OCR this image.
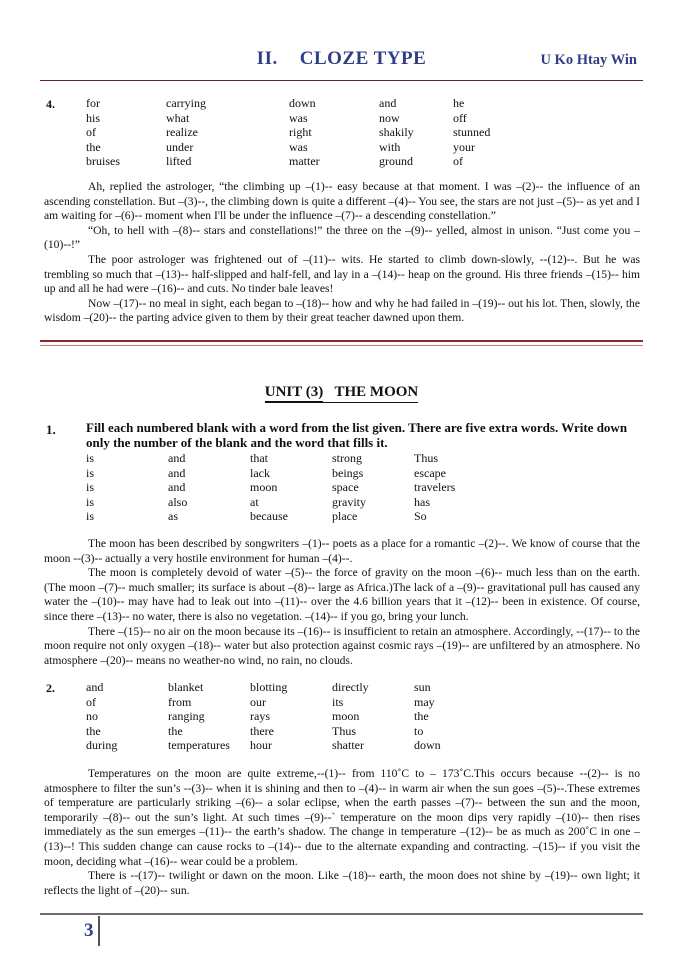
II. CLOZE TYPE	U Ko Htay Win
4.	for	carrying	down	and	he
his	what	was	now	off
of	realize	right	shakily	stunned
the	under	was	with	your
bruises	lifted	matter	ground	of

Ah, replied the astrologer, “the climbing up –(1)-- easy because at that moment. I was –(2)-- the influence of an ascending constellation. But –(3)--, the climbing down is quite a different –(4)-- You see, the stars are not just –(5)-- as yet and I am waiting for –(6)-- moment when I'll be under the influence –(7)-- a descending constellation.”

“Oh, to hell with –(8)-- stars and constellations!” the three on the –(9)-- yelled, almost in unison. “Just come you –(10)--!”

The poor astrologer was frightened out of –(11)-- wits. He started to climb down-slowly, --(12)--. But he was trembling so much that –(13)-- half-slipped and half-fell, and lay in a –(14)-- heap on the ground. His three friends –(15)-- him up and all he had were –(16)-- and cuts. No tinder bale leaves!

Now –(17)-- no meal in sight, each began to –(18)-- how and why he had failed in –(19)-- out his lot. Then, slowly, the wisdom –(20)-- the parting advice given to them by their great teacher dawned upon them.

UNIT (3) THE MOON
1. Fill each numbered blank with a word from the list given. There are five extra words. Write down only the number of the blank and the word that fills it.
is	and	that	strong	Thus
is	and	lack	beings	escape
is	and	moon	space	travelers
is	also	at	gravity	has
is	as	because	place	So

The moon has been described by songwriters –(1)-- poets as a place for a romantic –(2)--. We know of course that the moon --(3)-- actually a very hostile environment for human –(4)--.

The moon is completely devoid of water –(5)-- the force of gravity on the moon –(6)-- much less than on the earth. (The moon –(7)-- much smaller; its surface is about –(8)-- large as Africa.)The lack of a –(9)-- gravitational pull has caused any water the –(10)-- may have had to leak out into –(11)-- over the 4.6 billion years that it –(12)-- been in existence. Of course, since there –(13)-- no water, there is also no vegetation. –(14)-- if you go, bring your lunch.

There –(15)-- no air on the moon because its –(16)-- is insufficient to retain an atmosphere. Accordingly, --(17)-- to the moon require not only oxygen –(18)-- water but also protection against cosmic rays –(19)-- are unfiltered by an atmosphere. No atmosphere –(20)-- means no weather-no wind, no rain, no clouds.

2.	and	blanket	blotting	directly	sun
of	from	our	its	may
no	ranging	rays	moon	the
the	the	there	Thus	to
during	temperatures	hour	shatter	down

Temperatures on the moon are quite extreme,--(1)-- from 110˚C to – 173˚C.This occurs because --(2)-- is no atmosphere to filter the sun’s --(3)-- when it is shining and then to –(4)-- in warm air when the sun goes –(5)--.These extremes of temperature are particularly striking –(6)-- a solar eclipse, when the earth passes –(7)-- between the sun and the moon, temporarily –(8)-- out the sun’s light. At such times –(9)--` temperature on the moon dips very rapidly –(10)-- then rises immediately as the sun emerges –(11)-- the earth’s shadow. The change in temperature –(12)-- be as much as 200˚C in one –(13)--! This sudden change can cause rocks to –(14)-- due to the alternate expanding and contracting. –(15)-- if you visit the moon, deciding what –(16)-- wear could be a problem.

There is --(17)-- twilight or dawn on the moon. Like –(18)-- earth, the moon does not shine by –(19)-- own light; it reflects the light of –(20)-- sun.

3
